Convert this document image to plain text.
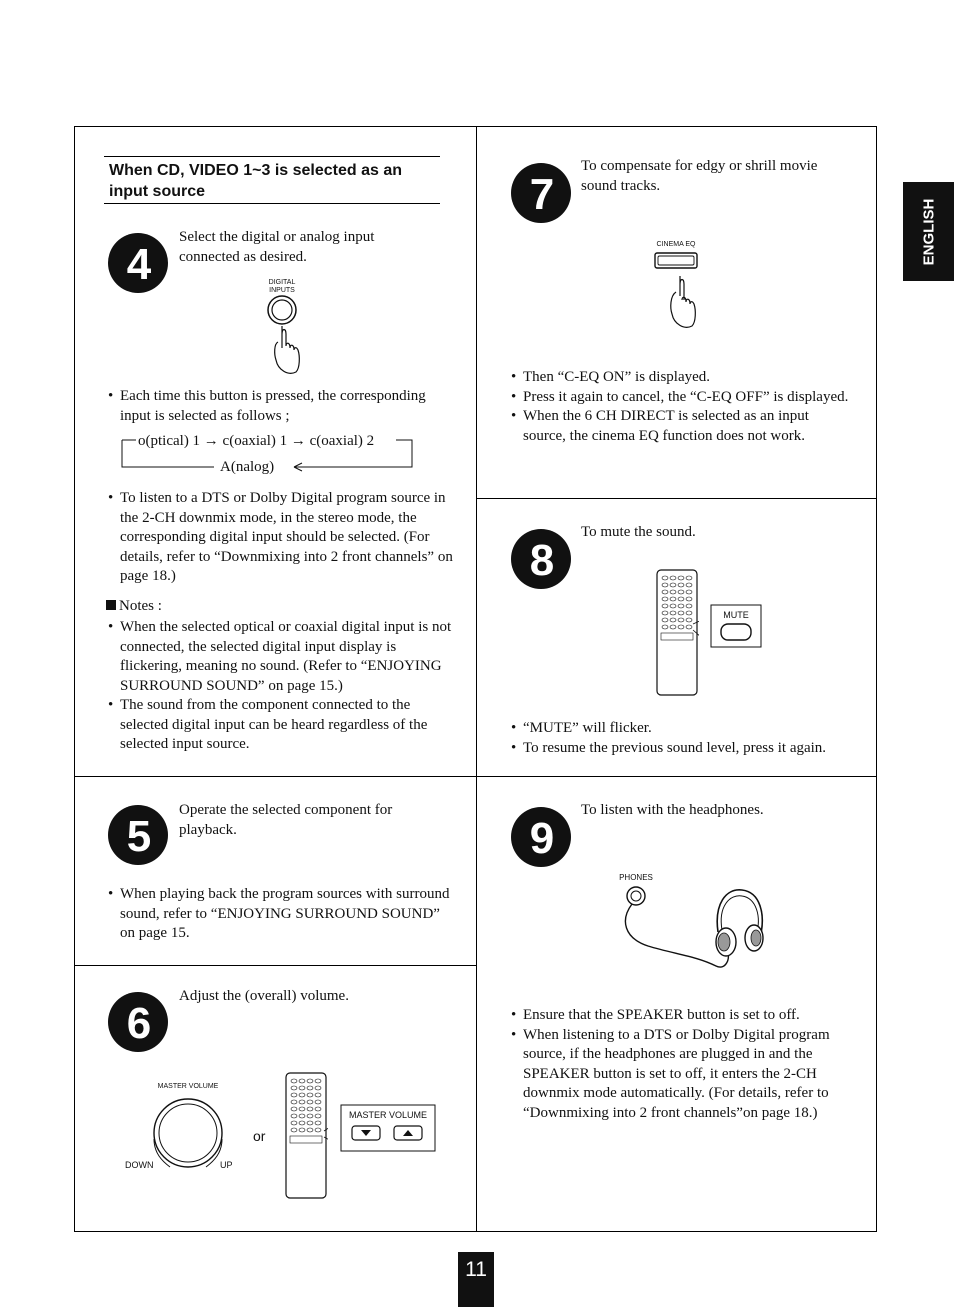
ENGLISH
When CD, VIDEO 1~3 is selected as an input source
4
Select the digital or analog input connected as desired.
DIGITAL
INPUTS
• Each time this button is pressed, the corresponding input is selected as follows ;
o(ptical) 1 → c(oaxial) 1 → c(oaxial) 2
A(nalog)
• To listen to a DTS or Dolby Digital program source in the 2-CH downmix mode, in the stereo mode, the corresponding digital input should be selected. (For details, refer to “Downmixing into 2 front channels” on page 18.)
Notes :
• When the selected optical or coaxial digital input is not connected, the selected digital input display is flickering, meaning no sound. (Refer to “ENJOYING SURROUND SOUND” on page 15.)
• The sound from the component connected to the selected digital input can be heard regardless of the selected input source.
5
Operate the selected component for playback.
• When playing back the program sources with surround sound, refer to “ENJOYING SURROUND SOUND” on page 15.
6
Adjust the (overall) volume.
MASTER VOLUME
DOWN	UP
or
MASTER VOLUME
7
To compensate for edgy or shrill movie sound tracks.
CINEMA EQ
• Then “C-EQ ON” is displayed.
• Press it again to cancel, the “C-EQ OFF” is displayed.
• When the 6 CH DIRECT is selected as an input source, the cinema EQ function does not work.
8
To mute the sound.
MUTE
• “MUTE” will flicker.
• To resume the previous sound level, press it again.
9
To listen with the headphones.
PHONES
• Ensure that the SPEAKER button is set to off.
• When listening to a DTS or Dolby Digital program source, if the headphones are plugged in and the SPEAKER button is set to off, it enters the 2-CH downmix mode automatically. (For details, refer to “Downmixing into 2 front channels”on page 18.)
11
